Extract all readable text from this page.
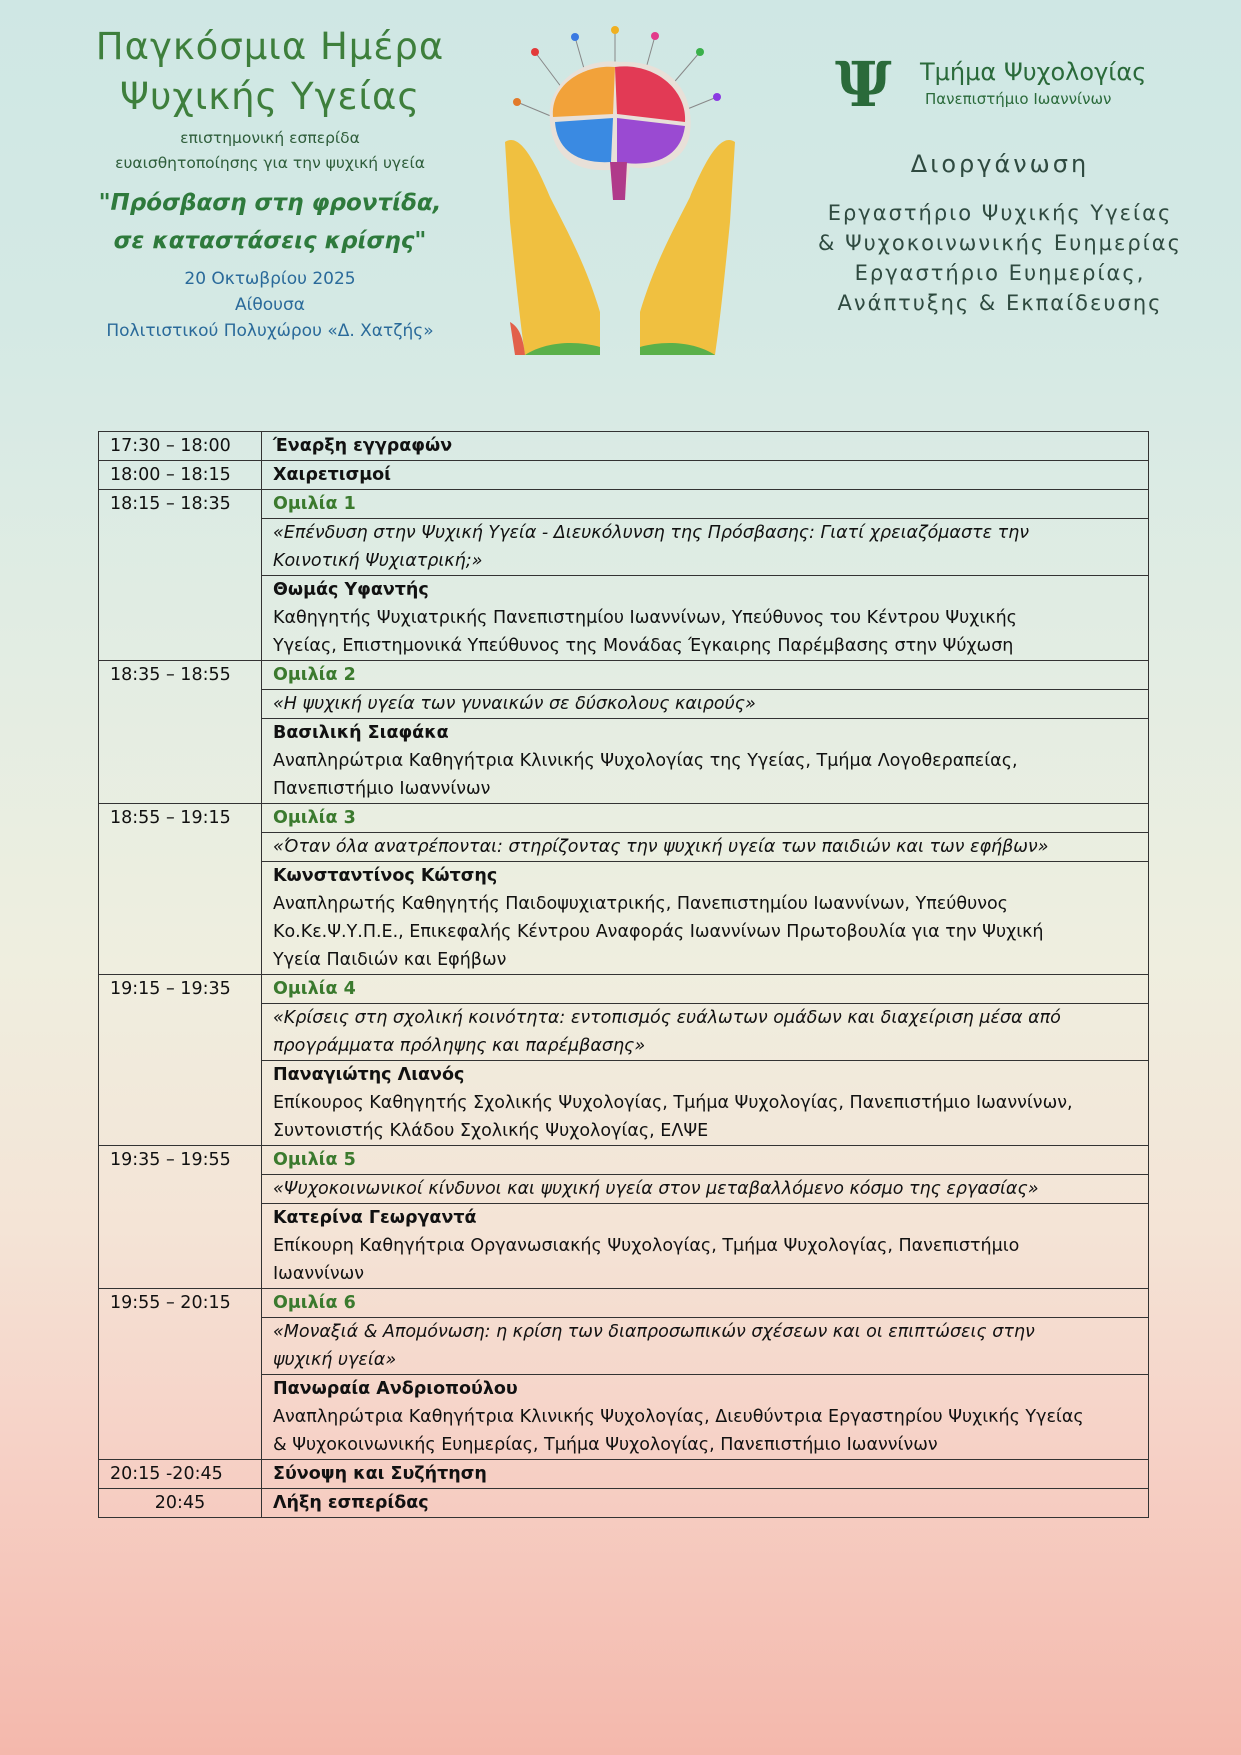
Παγκόσμια Ημέρα
Ψυχικής Υγείας
επιστημονική εσπερίδα
ευαισθητοποίησης για την ψυχική υγεία
"Πρόσβαση στη φροντίδα,
σε καταστάσεις κρίσης"
20 Οκτωβρίου 2025
Αίθουσα
Πολιτιστικού Πολυχώρου «Δ. Χατζής»
Ψ Τμήμα Ψυχολογίας
Πανεπιστήμιο Ιωαννίνων
Διοργάνωση
Εργαστήριο Ψυχικής Υγείας
& Ψυχοκοινωνικής Ευημερίας
Εργαστήριο Ευημερίας,
Ανάπτυξης & Εκπαίδευσης
17:30 – 18:00	Έναρξη εγγραφών
18:00 – 18:15	Χαιρετισμοί
18:15 – 18:35	Ομιλία 1

	«Επένδυση στην Ψυχική Υγεία - Διευκόλυνση της Πρόσβασης: Γιατί χρειαζόμαστε την
Κοινοτική Ψυχιατρική;»

	Θωμάς Υφαντής
Καθηγητής Ψυχιατρικής Πανεπιστημίου Ιωαννίνων, Υπεύθυνος του Κέντρου Ψυχικής
Υγείας, Επιστημονικά Υπεύθυνος της Μονάδας Έγκαιρης Παρέμβασης στην Ψύχωση

18:35 – 18:55	Ομιλία 2

	«Η ψυχική υγεία των γυναικών σε δύσκολους καιρούς»

	Βασιλική Σιαφάκα
Αναπληρώτρια Καθηγήτρια Κλινικής Ψυχολογίας της Υγείας, Τμήμα Λογοθεραπείας,
Πανεπιστήμιο Ιωαννίνων

18:55 – 19:15	Ομιλία 3

	«Όταν όλα ανατρέπονται: στηρίζοντας την ψυχική υγεία των παιδιών και των εφήβων»

	Κωνσταντίνος Κώτσης
Αναπληρωτής Καθηγητής Παιδοψυχιατρικής, Πανεπιστημίου Ιωαννίνων, Υπεύθυνος
Κο.Κε.Ψ.Υ.Π.Ε., Επικεφαλής Κέντρου Αναφοράς Ιωαννίνων Πρωτοβουλία για την Ψυχική
Υγεία Παιδιών και Εφήβων

19:15 – 19:35	Ομιλία 4

	«Κρίσεις στη σχολική κοινότητα: εντοπισμός ευάλωτων ομάδων και διαχείριση μέσα από
προγράμματα πρόληψης και παρέμβασης»

	Παναγιώτης Λιανός
Επίκουρος Καθηγητής Σχολικής Ψυχολογίας, Τμήμα Ψυχολογίας, Πανεπιστήμιο Ιωαννίνων,
Συντονιστής Κλάδου Σχολικής Ψυχολογίας, ΕΛΨΕ

19:35 – 19:55	Ομιλία 5

	«Ψυχοκοινωνικοί κίνδυνοι και ψυχική υγεία στον μεταβαλλόμενο κόσμο της εργασίας»

	Κατερίνα Γεωργαντά
Επίκουρη Καθηγήτρια Οργανωσιακής Ψυχολογίας, Τμήμα Ψυχολογίας, Πανεπιστήμιο
Ιωαννίνων

19:55 – 20:15	Ομιλία 6

	«Μοναξιά & Απομόνωση: η κρίση των διαπροσωπικών σχέσεων και οι επιπτώσεις στην
ψυχική υγεία»

	Πανωραία Ανδριοπούλου
Αναπληρώτρια Καθηγήτρια Κλινικής Ψυχολογίας, Διευθύντρια Εργαστηρίου Ψυχικής Υγείας
& Ψυχοκοινωνικής Ευημερίας, Τμήμα Ψυχολογίας, Πανεπιστήμιο Ιωαννίνων

20:15 -20:45	Σύνοψη και Συζήτηση
20:45	Λήξη εσπερίδας
